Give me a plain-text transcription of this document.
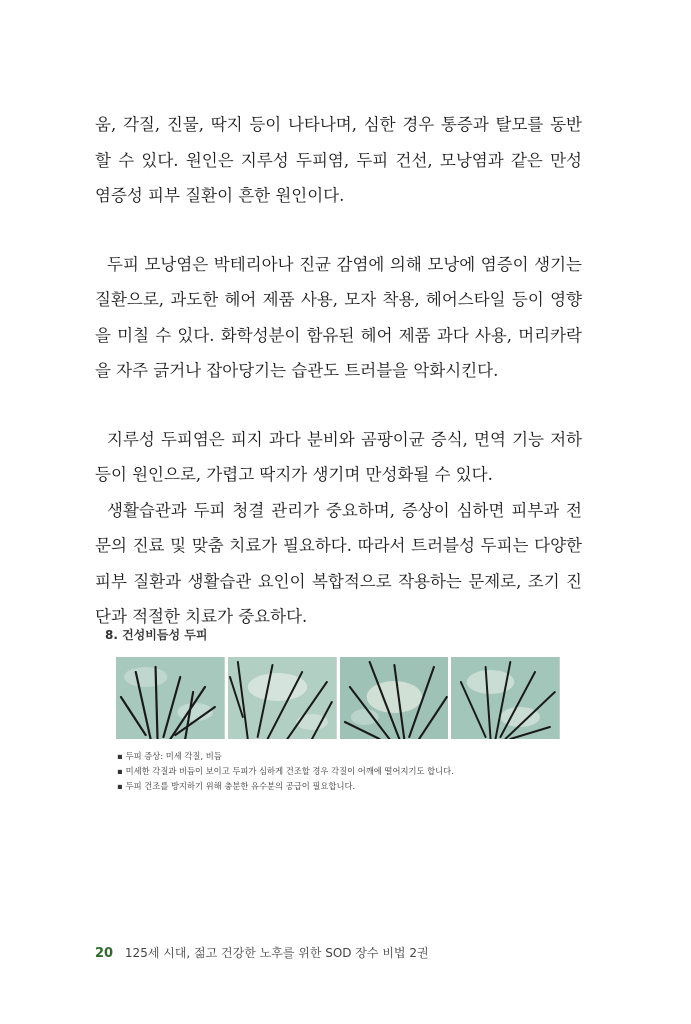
움, 각질, 진물, 딱지 등이 나타나며, 심한 경우 통증과 탈모를 동반할 수 있다. 원인은 지루성 두피염, 두피 건선, 모낭염과 같은 만성 염증성 피부 질환이 흔한 원인이다.

두피 모낭염은 박테리아나 진균 감염에 의해 모낭에 염증이 생기는 질환으로, 과도한 헤어 제품 사용, 모자 착용, 헤어스타일 등이 영향을 미칠 수 있다. 화학성분이 함유된 헤어 제품 과다 사용, 머리카락을 자주 긁거나 잡아당기는 습관도 트러블을 악화시킨다.

지루성 두피염은 피지 과다 분비와 곰팡이균 증식, 면역 기능 저하 등이 원인으로, 가렵고 딱지가 생기며 만성화될 수 있다.

생활습관과 두피 청결 관리가 중요하며, 증상이 심하면 피부과 전문의 진료 및 맞춤 치료가 필요하다. 따라서 트러블성 두피는 다양한 피부 질환과 생활습관 요인이 복합적으로 작용하는 문제로, 조기 진단과 적절한 치료가 중요하다.

8. 건성비듬성 두피
▪ 두피 증상: 미세 각질, 비듬
▪ 미세한 각질과 비듬이 보이고 두피가 심하게 건조할 경우 각질이 어깨에 떨어지기도 합니다.
▪ 두피 건조를 방지하기 위해 충분한 유수분의 공급이 필요합니다.
20 125세 시대, 젊고 건강한 노후를 위한 SOD 장수 비법 2권
